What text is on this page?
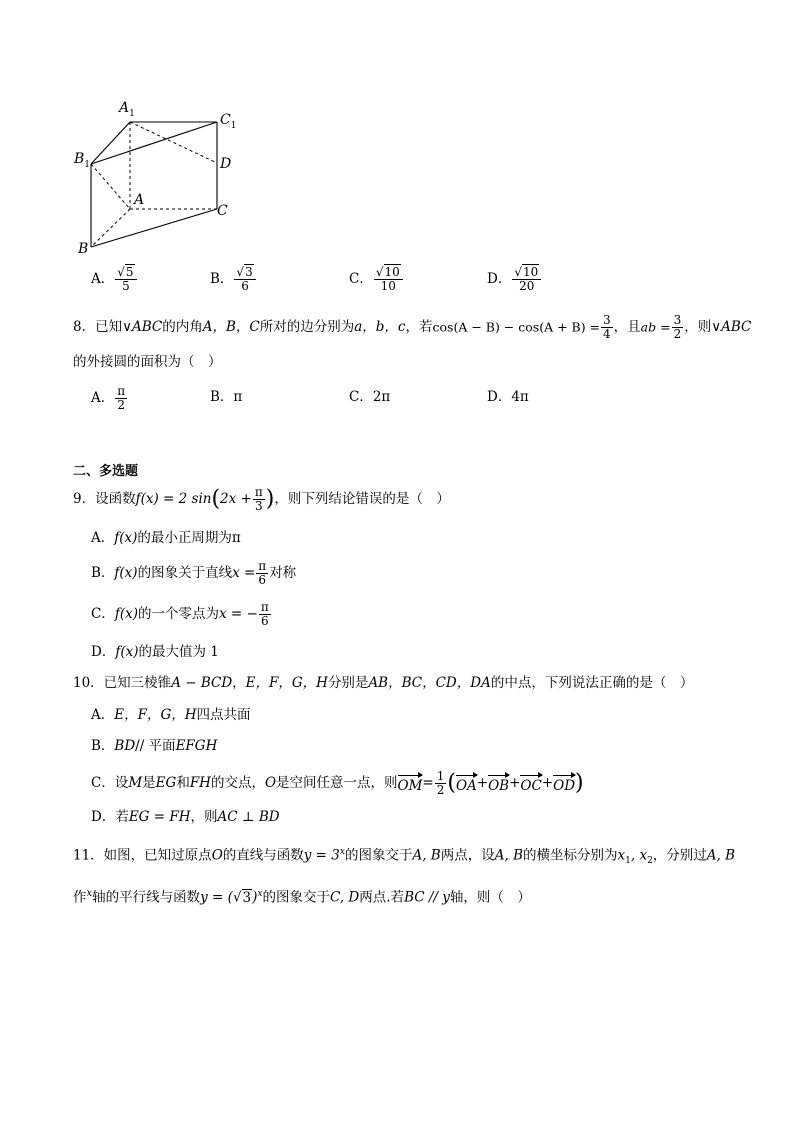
$A_1$	$C_1$
$B_1$	D
A
C
B
A． $\frac{√5}{5}$	B． $\frac{√3}{6}$	C． $\frac{√10}{10}$	D． $\frac{√10}{20}$
8．已知∨ABC的内角A，B，C所对的边分别为a，b，c，若$\cos(A - B) - \cos(A + B) = \frac{3}{4}$ ，且ab = $\frac{3}{2}$ ，则∨ABC
的外接圆的面积为（　）
A． $\frac{\pi}{2}$	B．π	C．2π	D．4π
二、多选题
9．设函数f(x) = 2 $\sin(2x + \frac{\pi}{3}$ )，则下列结论错误的是（　）
A．f(x)的最小正周期为π
B．f(x)的图象关于直线$x = \frac{\pi}{6}$ 对称
C．f(x)的一个零点为x = − $\frac{\pi}{6}$
D．f(x)的最大值为 1
10．已知三棱锥A − BCD，E，F，G，H分别是AB，BC，CD，DA的中点，下列说法正确的是（　）
A．E，F，G，H四点共面
B．BD// 平面EFGH
C．设M是EG和FH的交点，O是空间任意一点，则$OM= \frac{1}{2} (OA+OB+OC+OD)$
D．若EG = FH，则AC ⊥ BD
11．如图，已知过原点O的直线与函数$y = 3^x$的图象交于A, B两点，设A, B的横坐标分别为$x_1$, $x_2$，分别过A, B
作$^x$轴的平行线与函数$y = (√3)^x$的图象交于C, D两点.若BC // y轴，则（　）
